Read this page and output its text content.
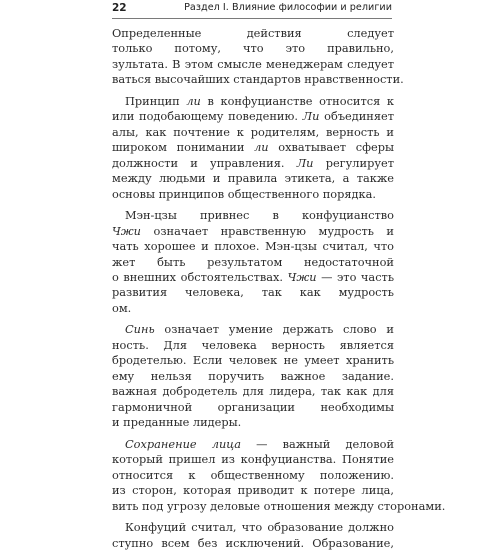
22	Раздел I. Влияние философии и религии

Определенные действия следует
только потому, что это правильно,
зультата. В этом смысле менеджерам следует
ваться высочайших стандартов нравственности.

Принцип ли в конфуцианстве относится к
или подобающему поведению. Ли объединяет
алы, как почтение к родителям, верность и
широком понимании ли охватывает сферы
должности и управления. Ли регулирует
между людьми и правила этикета, а также
основы принципов общественного порядка.

Мэн-цзы привнес в конфуцианство
Чжи означает нравственную мудрость и
чать хорошее и плохое. Мэн-цзы считал, что
жет быть результатом недостаточной
о внешних обстоятельствах. Чжи — это часть
развития человека, так как мудрость
ом.

Синь означает умение держать слово и
ность. Для человека верность является
бродетелью. Если человек не умеет хранить
ему нельзя поручить важное задание.
важная добродетель для лидера, так как для
гармоничной организации необходимы
и преданные лидеры.

Сохранение лица — важный деловой
который пришел из конфуцианства. Понятие
относится к общественному положению.
из сторон, которая приводит к потере лица,
вить под угрозу деловые отношения между сторонами.

Конфуций считал, что образование должно
ступно всем без исключений. Образование,
